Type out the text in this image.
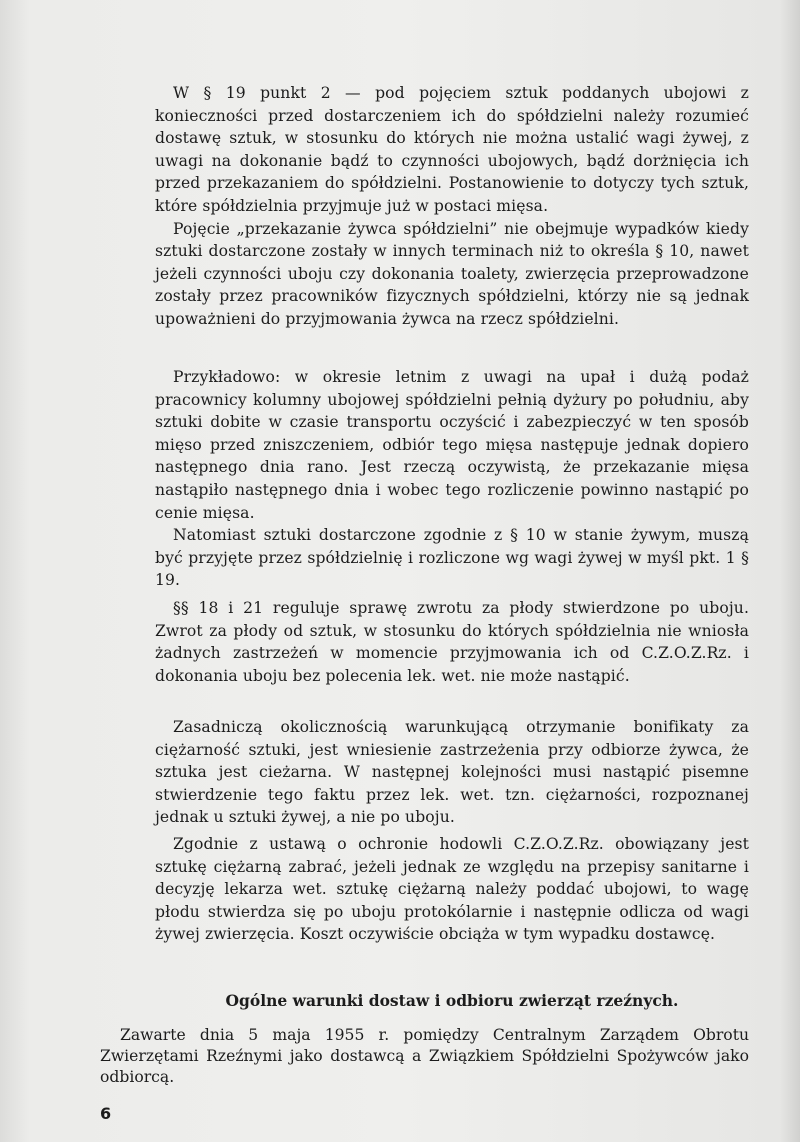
W § 19 punkt 2 — pod pojęciem sztuk poddanych ubojowi z konieczności przed dostarczeniem ich do spółdzielni należy rozumieć dostawę sztuk, w stosunku do których nie można ustalić wagi żywej, z uwagi na dokonanie bądź to czynności ubojowych, bądź dorżnięcia ich przed przekazaniem do spółdzielni. Postanowienie to dotyczy tych sztuk, które spółdzielnia przyjmuje już w postaci mięsa.

Pojęcie „przekazanie żywca spółdzielni” nie obejmuje wypadków kiedy sztuki dostarczone zostały w innych terminach niż to określa § 10, nawet jeżeli czynności uboju czy dokonania toalety, zwierzęcia przeprowadzone zostały przez pracowników fizycznych spółdzielni, którzy nie są jednak upoważnieni do przyjmowania żywca na rzecz spółdzielni.

Przykładowo: w okresie letnim z uwagi na upał i dużą podaż pracownicy kolumny ubojowej spółdzielni pełnią dyżury po południu, aby sztuki dobite w czasie transportu oczyścić i zabezpieczyć w ten sposób mięso przed zniszczeniem, odbiór tego mięsa następuje jednak dopiero następnego dnia rano. Jest rzeczą oczywistą, że przekazanie mięsa nastąpiło następnego dnia i wobec tego rozliczenie powinno nastąpić po cenie mięsa.

Natomiast sztuki dostarczone zgodnie z § 10 w stanie żywym, muszą być przyjęte przez spółdzielnię i rozliczone wg wagi żywej w myśl pkt. 1 § 19.

§§ 18 i 21 reguluje sprawę zwrotu za płody stwierdzone po uboju. Zwrot za płody od sztuk, w stosunku do których spółdzielnia nie wniosła żadnych zastrzeżeń w momencie przyjmowania ich od C.Z.O.Z.Rz. i dokonania uboju bez polecenia lek. wet. nie może nastąpić.

Zasadniczą okolicznością warunkującą otrzymanie bonifikaty za ciężarność sztuki, jest wniesienie zastrzeżenia przy odbiorze żywca, że sztuka jest cieżarna. W następnej kolejności musi nastąpić pisemne stwierdzenie tego faktu przez lek. wet. tzn. ciężarności, rozpoznanej jednak u sztuki żywej, a nie po uboju.

Zgodnie z ustawą o ochronie hodowli C.Z.O.Z.Rz. obowiązany jest sztukę ciężarną zabrać, jeżeli jednak ze względu na przepisy sanitarne i decyzję lekarza wet. sztukę ciężarną należy poddać ubojowi, to wagę płodu stwierdza się po uboju protokólarnie i następnie odlicza od wagi żywej zwierzęcia. Koszt oczywiście obciąża w tym wypadku dostawcę.

Ogólne warunki dostaw i odbioru zwierząt rzeźnych.

Zawarte dnia 5 maja 1955 r. pomiędzy Centralnym Zarządem Obrotu Zwierzętami Rzeźnymi jako dostawcą a Związkiem Spółdzielni Spożywców jako odbiorcą.

6
